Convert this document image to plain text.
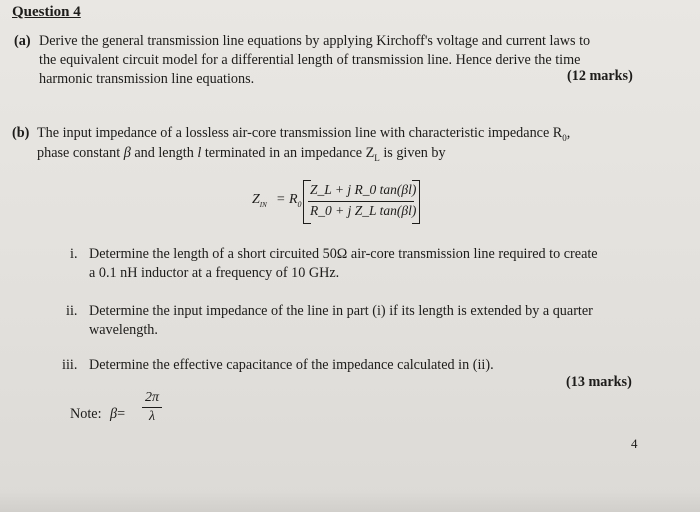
Question 4
(a) Derive the general transmission line equations by applying Kirchoff's voltage and current laws to
the equivalent circuit model for a differential length of transmission line. Hence derive the time
harmonic transmission line equations.	(12 marks)
(b) The input impedance of a lossless air-core transmission line with characteristic impedance $R_0$,
phase constant β and length l terminated in an impedance $Z_L$ is given by
$Z_{IN} = R_0$
Z_L + j R_0 tan(βl)
R_0 + j Z_L tan(βl)
i. Determine the length of a short circuited 50Ω air-core transmission line required to create
a 0.1 nH inductor at a frequency of 10 GHz.
ii. Determine the input impedance of the line in part (i) if its length is extended by a quarter
wavelength.
iii. Determine the effective capacitance of the impedance calculated in (ii).
(13 marks)
Note: β=
2π
λ
4
